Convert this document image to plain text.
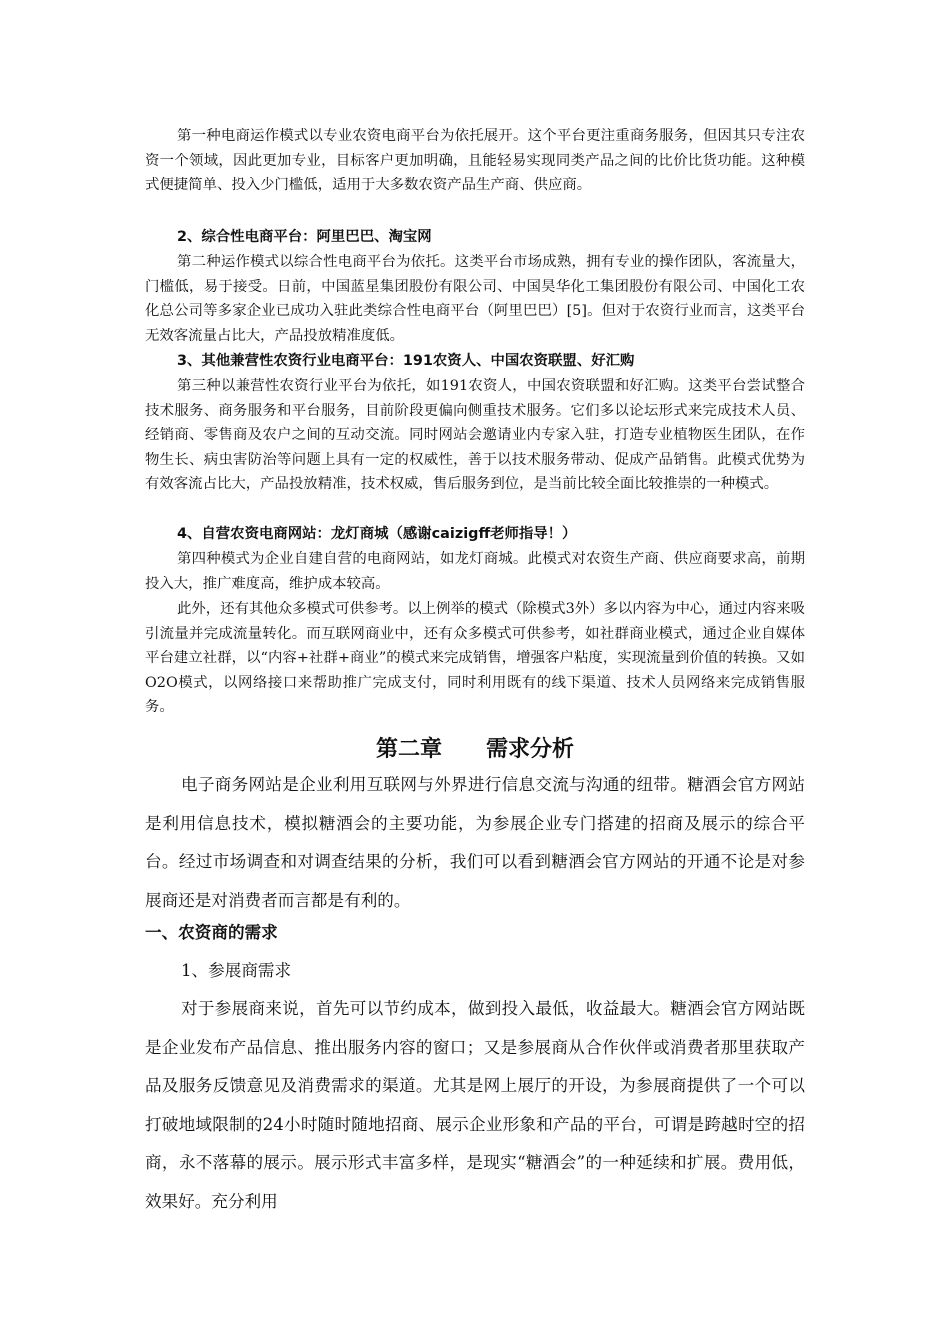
第一种电商运作模式以专业农资电商平台为依托展开。这个平台更注重商务服务，但因其只专注农资一个领域，因此更加专业，目标客户更加明确，且能轻易实现同类产品之间的比价比货功能。这种模式便捷简单、投入少门槛低，适用于大多数农资产品生产商、供应商。

2、综合性电商平台：阿里巴巴、淘宝网

第二种运作模式以综合性电商平台为依托。这类平台市场成熟，拥有专业的操作团队，客流量大，门槛低，易于接受。日前，中国蓝星集团股份有限公司、中国昊华化工集团股份有限公司、中国化工农化总公司等多家企业已成功入驻此类综合性电商平台（阿里巴巴）[5]。但对于农资行业而言，这类平台无效客流量占比大，产品投放精准度低。

3、其他兼营性农资行业电商平台：191农资人、中国农资联盟、好汇购

第三种以兼营性农资行业平台为依托，如191农资人，中国农资联盟和好汇购。这类平台尝试整合技术服务、商务服务和平台服务，目前阶段更偏向侧重技术服务。它们多以论坛形式来完成技术人员、经销商、零售商及农户之间的互动交流。同时网站会邀请业内专家入驻，打造专业植物医生团队，在作物生长、病虫害防治等问题上具有一定的权威性，善于以技术服务带动、促成产品销售。此模式优势为有效客流占比大，产品投放精准，技术权威，售后服务到位，是当前比较全面比较推崇的一种模式。

4、自营农资电商网站：龙灯商城（感谢caizigff老师指导！）

第四种模式为企业自建自营的电商网站，如龙灯商城。此模式对农资生产商、供应商要求高，前期投入大，推广难度高，维护成本较高。

此外，还有其他众多模式可供参考。以上例举的模式（除模式3外）多以内容为中心，通过内容来吸引流量并完成流量转化。而互联网商业中，还有众多模式可供参考，如社群商业模式，通过企业自媒体平台建立社群，以“内容+社群+商业”的模式来完成销售，增强客户粘度，实现流量到价值的转换。又如O2O模式，以网络接口来帮助推广完成支付，同时利用既有的线下渠道、技术人员网络来完成销售服务。

第二章　　需求分析

电子商务网站是企业利用互联网与外界进行信息交流与沟通的纽带。糖酒会官方网站是利用信息技术，模拟糖酒会的主要功能，为参展企业专门搭建的招商及展示的综合平台。经过市场调查和对调查结果的分析，我们可以看到糖酒会官方网站的开通不论是对参展商还是对消费者而言都是有利的。

一、农资商的需求

1、参展商需求

对于参展商来说，首先可以节约成本，做到投入最低，收益最大。糖酒会官方网站既是企业发布产品信息、推出服务内容的窗口；又是参展商从合作伙伴或消费者那里获取产品及服务反馈意见及消费需求的渠道。尤其是网上展厅的开设，为参展商提供了一个可以打破地域限制的24小时随时随地招商、展示企业形象和产品的平台，可谓是跨越时空的招商，永不落幕的展示。展示形式丰富多样，是现实“糖酒会”的一种延续和扩展。费用低，效果好。充分利用
